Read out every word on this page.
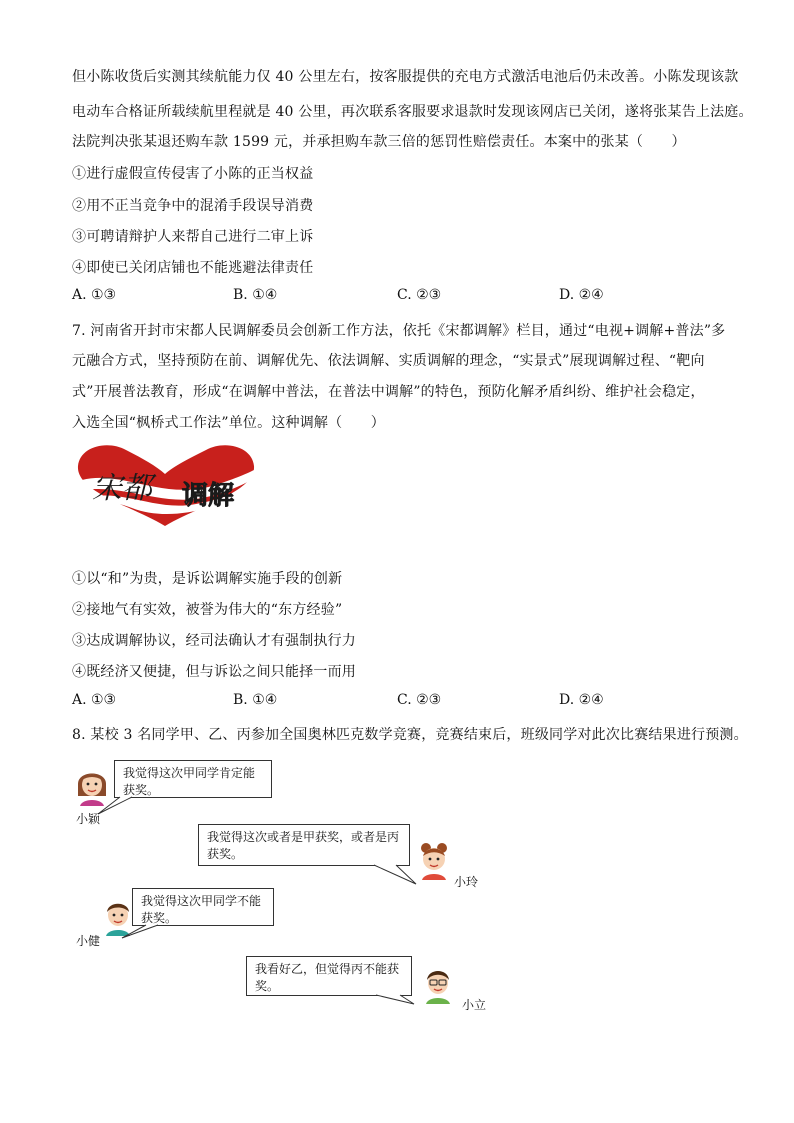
但小陈收货后实测其续航能力仅 40 公里左右，按客服提供的充电方式激活电池后仍未改善。小陈发现该款
电动车合格证所载续航里程就是 40 公里，再次联系客服要求退款时发现该网店已关闭，遂将张某告上法庭。
法院判决张某退还购车款 1599 元，并承担购车款三倍的惩罚性赔偿责任。本案中的张某（　　）
①进行虚假宣传侵害了小陈的正当权益
②用不正当竞争中的混淆手段误导消费
③可聘请辩护人来帮自己进行二审上诉
④即使已关闭店铺也不能逃避法律责任
A. ①③	B. ①④	C. ②③	D. ②④
7. 河南省开封市宋都人民调解委员会创新工作方法，依托《宋都调解》栏目，通过“电视+调解+普法”多
元融合方式，坚持预防在前、调解优先、依法调解、实质调解的理念，“实景式”展现调解过程、“靶向
式”开展普法教育，形成“在调解中普法，在普法中调解”的特色，预防化解矛盾纠纷、维护社会稳定，
入选全国“枫桥式工作法”单位。这种调解（　　）
宋都 调解
①以“和”为贵，是诉讼调解实施手段的创新
②接地气有实效，被誉为伟大的“东方经验”
③达成调解协议，经司法确认才有强制执行力
④既经济又便捷，但与诉讼之间只能择一而用
A. ①③	B. ①④	C. ②③	D. ②④
8. 某校 3 名同学甲、乙、丙参加全国奥林匹克数学竞赛，竞赛结束后，班级同学对此次比赛结果进行预测。
我觉得这次甲同学肯定能
获奖。
小颖
我觉得这次或者是甲获奖，或者是丙
获奖。
小玲
我觉得这次甲同学不能
获奖。
小健
我看好乙，但觉得丙不能获
奖。
小立
